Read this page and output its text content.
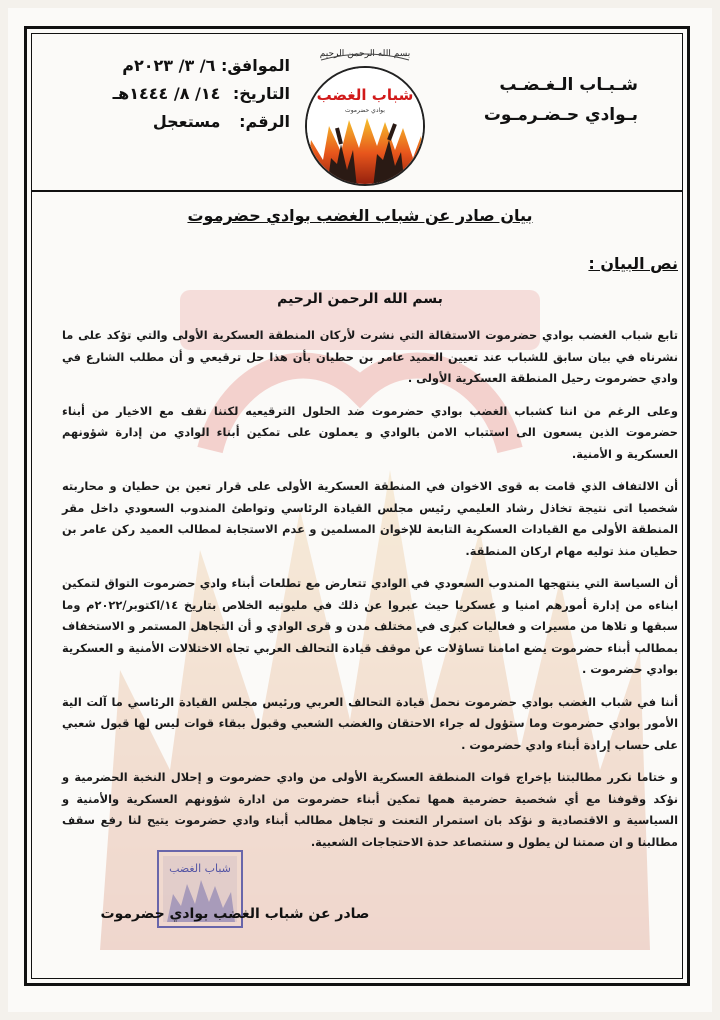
شـبـاب الـغـضـب
بـوادي حـضـرمـوت
الموافق: ٦/ ٣/ ٢٠٢٣م
التاريخ: ١٤/ ٨/ ١٤٤٤هـ
الرقم: مستعجل
بسم الله الرحمن الرحيم
شباب الغضب
بوادي حضرموت
بيان صادر عن شباب الغضب بوادي حضرموت
نص البيان :
بسم الله الرحمن الرحيم

تابع شباب الغضب بوادي حضرموت الاستقالة التي نشرت لأركان المنطقة العسكرية الأولى والتي تؤكد على ما نشرناه في بيان سابق للشباب عند تعيين العميد عامر بن حطيان بأن هذا حل ترقيعي و أن مطلب الشارع في وادي حضرموت رحيل المنطقة العسكرية الأولى .

وعلى الرغم من اننا كشباب الغضب بوادي حضرموت ضد الحلول الترقيعيه لكننا نقف مع الاخيار من أبناء حضرموت الذين يسعون الى استتباب الامن بالوادي و يعملون على تمكين أبناء الوادي من إدارة شؤونهم العسكرية و الأمنية.

أن الالتفاف الذي قامت به قوى الاخوان في المنطقة العسكرية الأولى على قرار تعين بن حطيان و محاربته شخصيا اتى نتيجة تخاذل رشاد العليمي رئيس مجلس القيادة الرئاسي وتواطئ المندوب السعودي داخل مقر المنطقة الأولى مع القيادات العسكرية التابعة للإخوان المسلمين و عدم الاستجابة لمطالب العميد ركن عامر بن حطيان منذ توليه مهام اركان المنطقة.

أن السياسة التي ينتهجها المندوب السعودي في الوادي تتعارض مع تطلعات أبناء وادي حضرموت التواق لتمكين ابناءه من إدارة أمورهم امنيا و عسكريا حيث عبروا عن ذلك في مليونيه الخلاص بتاريخ ١٤/اكتوبر/٢٠٢٢م وما سبقها و تلاها من مسيرات و فعاليات كبرى في مختلف مدن و قرى الوادي و أن التجاهل المستمر و الاستخفاف بمطالب أبناء حضرموت يضع امامنا تساؤلات عن موقف قيادة التحالف العربي تجاه الاختلالات الأمنية و العسكرية بوادي حضرموت .

أننا في شباب الغضب بوادي حضرموت نحمل قيادة التحالف العربي ورئيس مجلس القيادة الرئاسي ما آلت الية الأمور بوادي حضرموت وما ستؤول له جراء الاحتقان والغضب الشعبي وقبول ببقاء قوات ليس لها قبول شعبي على حساب إرادة أبناء وادي حضرموت .

و ختاما نكرر مطالبتنا بإخراج قوات المنطقة العسكرية الأولى من وادي حضرموت و إحلال النخبة الحضرمية و نؤكد وقوفنا مع أي شخصية حضرمية همها تمكين أبناء حضرموت من ادارة شؤونهم العسكرية والأمنية و السياسية و الاقتصادية و نؤكد بان استمرار التعنت و تجاهل مطالب أبناء وادي حضرموت يتيح لنا رفع سقف مطالبنا و ان صمتنا لن يطول و سنتصاعد حدة الاحتجاجات الشعبية.

شباب الغضب
صادر عن شباب الغضب بوادي حضرموت
